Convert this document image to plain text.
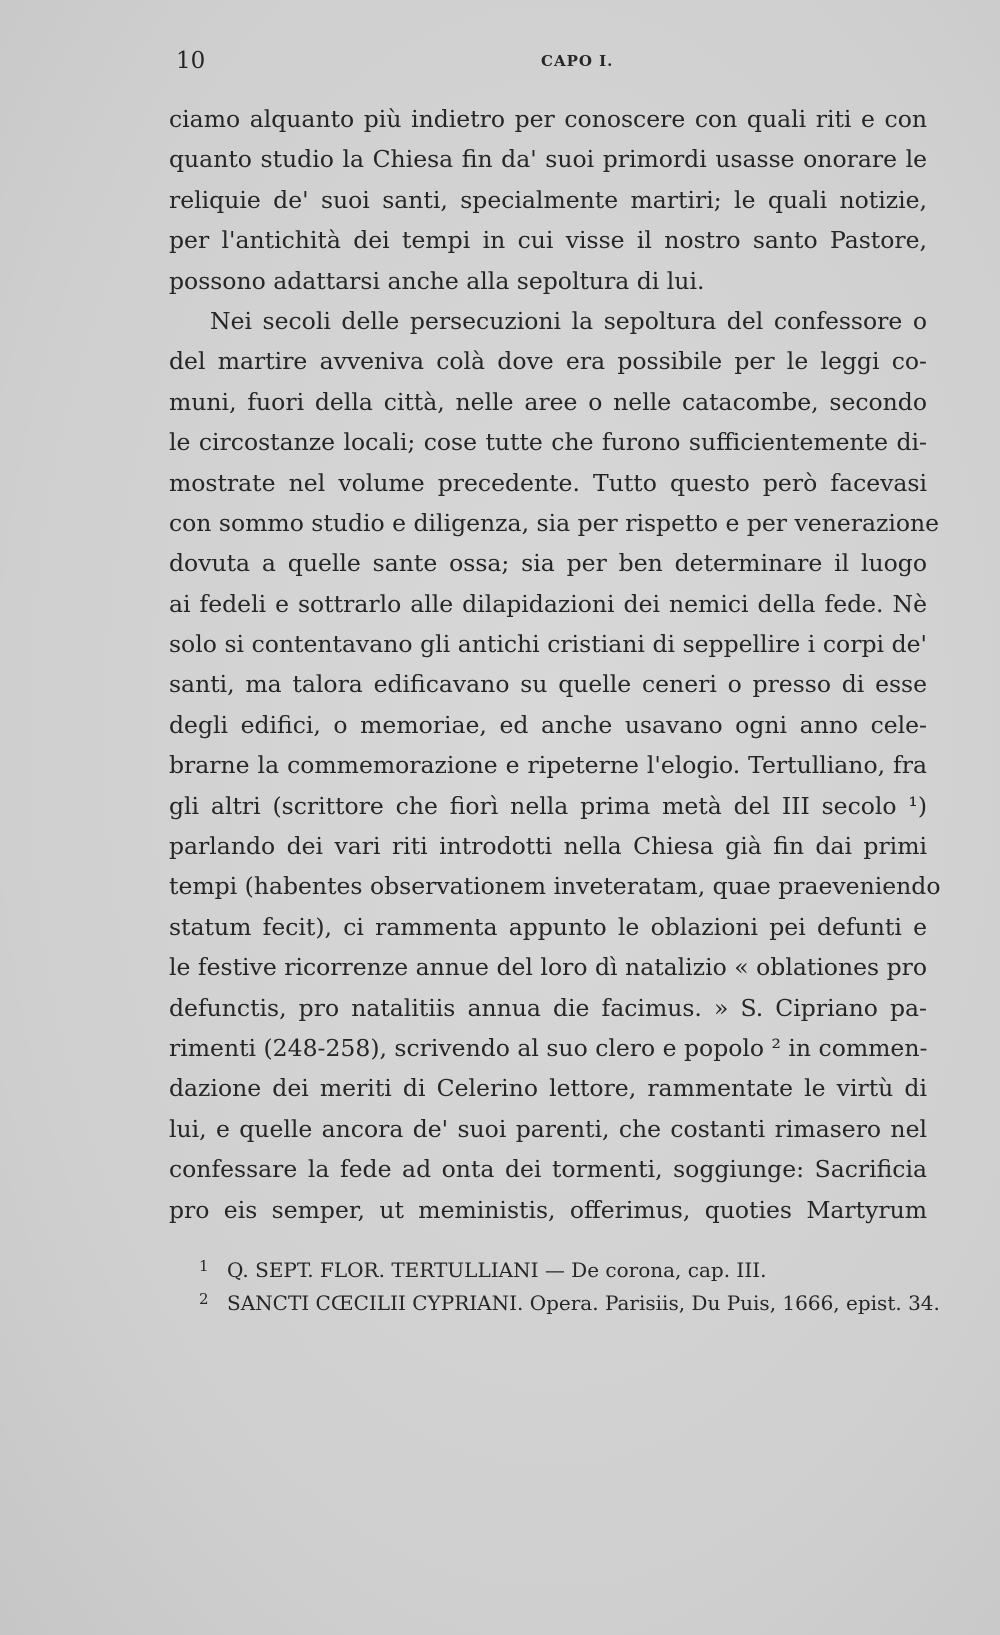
10	CAPO I.
ciamo alquanto più indietro per conoscere con quali riti e con
quanto studio la Chiesa fin da' suoi primordi usasse onorare le
reliquie de' suoi santi, specialmente martiri; le quali notizie,
per l'antichità dei tempi in cui visse il nostro santo Pastore,
possono adattarsi anche alla sepoltura di lui.
Nei secoli delle persecuzioni la sepoltura del confessore o
del martire avveniva colà dove era possibile per le leggi co-
muni, fuori della città, nelle aree o nelle catacombe, secondo
le circostanze locali; cose tutte che furono sufficientemente di-
mostrate nel volume precedente. Tutto questo però facevasi
con sommo studio e diligenza, sia per rispetto e per venerazione
dovuta a quelle sante ossa; sia per ben determinare il luogo
ai fedeli e sottrarlo alle dilapidazioni dei nemici della fede. Nè
solo si contentavano gli antichi cristiani di seppellire i corpi de'
santi, ma talora edificavano su quelle ceneri o presso di esse
degli edifici, o memoriae, ed anche usavano ogni anno cele-
brarne la commemorazione e ripeterne l'elogio. Tertulliano, fra
gli altri (scrittore che fiorì nella prima metà del III secolo ¹)
parlando dei vari riti introdotti nella Chiesa già fin dai primi
tempi (habentes observationem inveteratam, quae praeveniendo
statum fecit), ci rammenta appunto le oblazioni pei defunti e
le festive ricorrenze annue del loro dì natalizio « oblationes pro
defunctis, pro natalitiis annua die facimus. » S. Cipriano pa-
rimenti (248-258), scrivendo al suo clero e popolo ² in commen-
dazione dei meriti di Celerino lettore, rammentate le virtù di
lui, e quelle ancora de' suoi parenti, che costanti rimasero nel
confessare la fede ad onta dei tormenti, soggiunge: Sacrificia
pro eis semper, ut meministis, offerimus, quoties Martyrum
1 Q. SEPT. FLOR. TERTULLIANI — De corona, cap. III.
2 SANCTI CŒCILII CYPRIANI. Opera. Parisiis, Du Puis, 1666, epist. 34.
